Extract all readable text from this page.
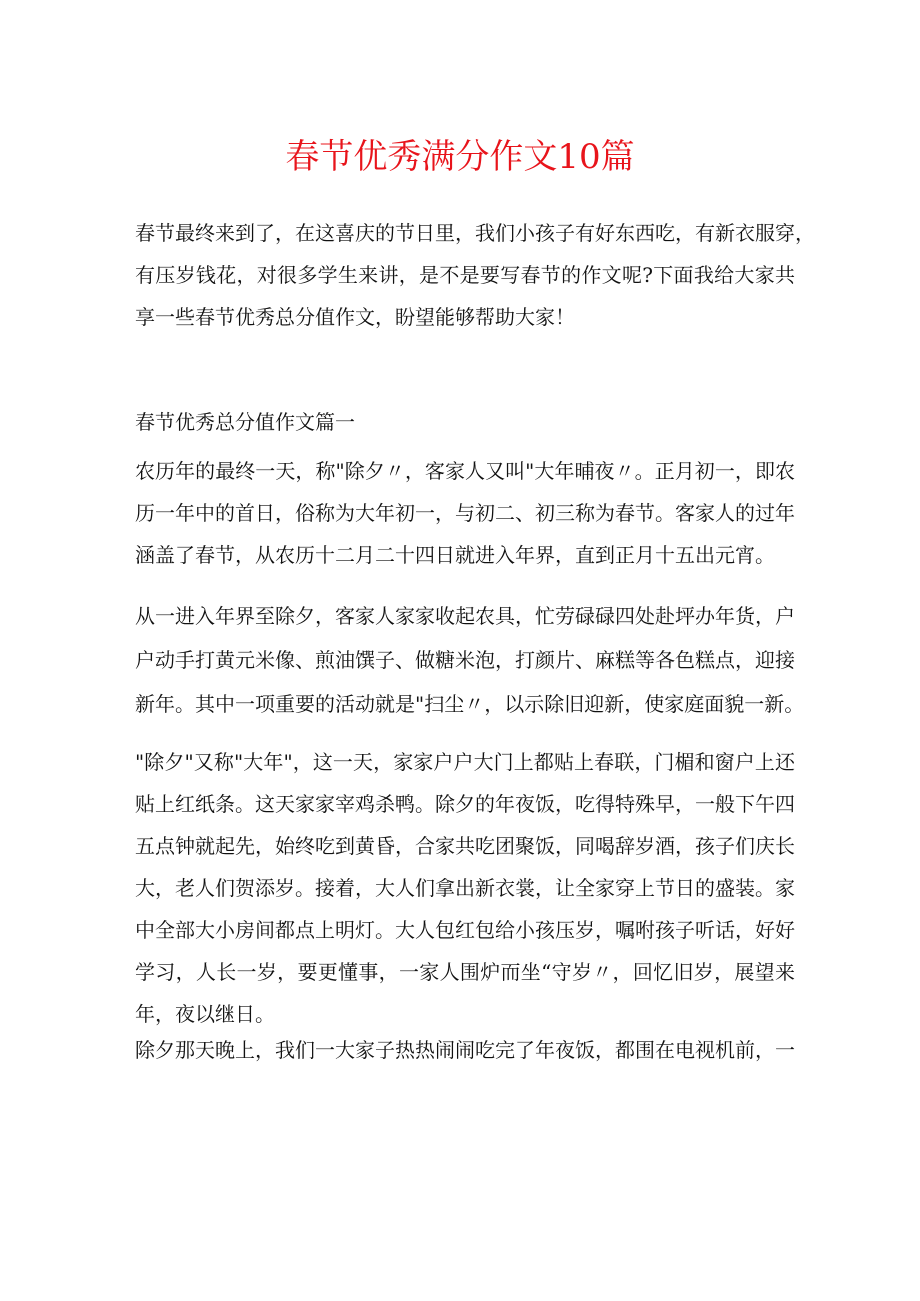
春节优秀满分作文10篇
春节最终来到了，在这喜庆的节日里，我们小孩子有好东西吃，有新衣服穿，
有压岁钱花，对很多学生来讲，是不是要写春节的作文呢?下面我给大家共
享一些春节优秀总分值作文，盼望能够帮助大家！
春节优秀总分值作文篇一
农历年的最终一天，称"除夕〃，客家人又叫"大年晡夜〃。正月初一，即农
历一年中的首日，俗称为大年初一，与初二、初三称为春节。客家人的过年
涵盖了春节，从农历十二月二十四日就进入年界，直到正月十五出元宵。
从一进入年界至除夕，客家人家家收起农具，忙劳碌碌四处赴坪办年货，户
户动手打黄元米像、煎油馔子、做糖米泡，打颜片、麻糕等各色糕点，迎接
新年。其中一项重要的活动就是"扫尘〃，以示除旧迎新，使家庭面貌一新。
"除夕"又称"大年"，这一天，家家户户大门上都贴上春联，门楣和窗户上还
贴上红纸条。这天家家宰鸡杀鸭。除夕的年夜饭，吃得特殊早，一般下午四
五点钟就起先，始终吃到黄昏，合家共吃团聚饭，同喝辞岁酒，孩子们庆长
大，老人们贺添岁。接着，大人们拿出新衣裳，让全家穿上节日的盛装。家
中全部大小房间都点上明灯。大人包红包给小孩压岁，嘱咐孩子听话，好好
学习，人长一岁，要更懂事，一家人围炉而坐“守岁〃，回忆旧岁，展望来
年，夜以继日。
除夕那天晚上，我们一大家子热热闹闹吃完了年夜饭，都围在电视机前，一
